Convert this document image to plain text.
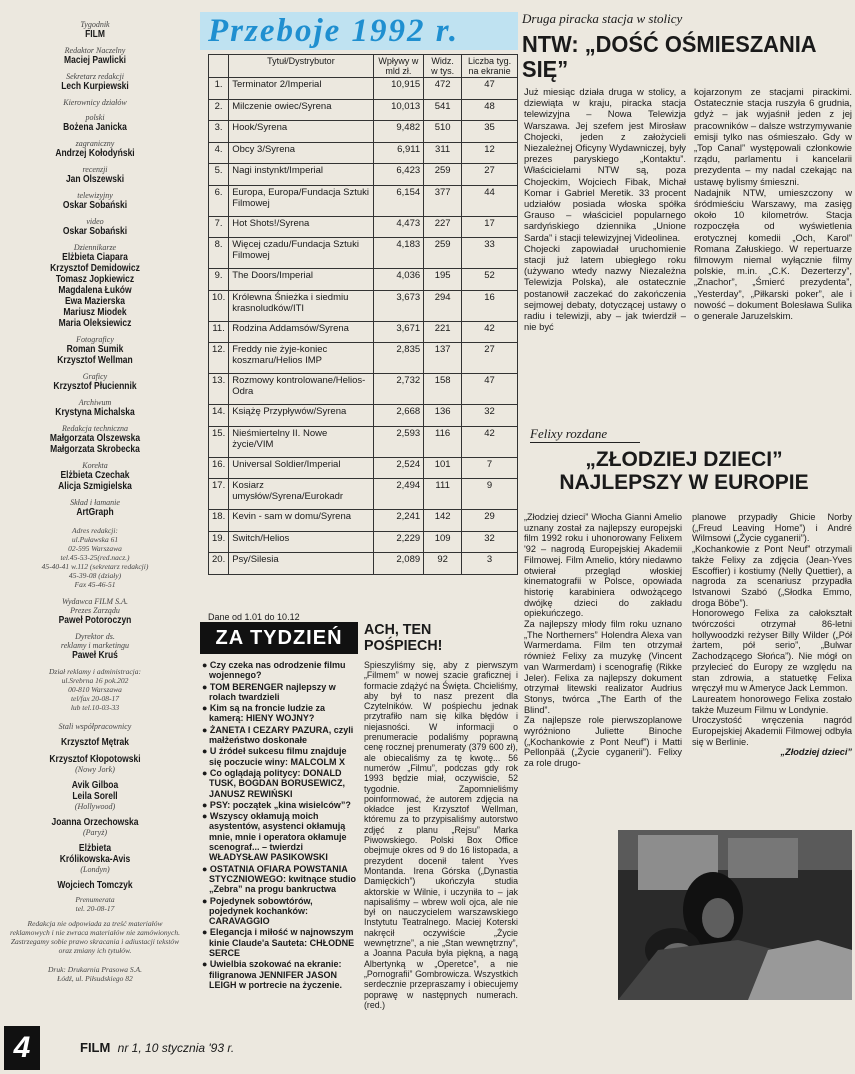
Tygodnik
FILM
Redaktor Naczelny
Maciej Pawlicki
Sekretarz redakcji
Lech Kurpiewski
Kierownicy działów
polski
Bożena Janicka
zagraniczny
Andrzej Kołodyński
recenzji
Jan Olszewski
telewizyjny
Oskar Sobański
video
Oskar Sobański
Dziennikarze
Elżbieta Ciapara
Krzysztof Demidowicz
Tomasz Jopkiewicz
Magdalena Łuków
Ewa Mazierska
Mariusz Miodek
Maria Oleksiewicz
Fotograficy
Roman Sumik
Krzysztof Wellman
Graficy
Krzysztof Płuciennik
Archiwum
Krystyna Michalska
Redakcja techniczna
Małgorzata Olszewska
Małgorzata Skrobecka
Korekta
Elżbieta Czechak
Alicja Szmigielska
Skład i łamanie
ArtGraph
Adres redakcji:
ul.Puławska 61
02-595 Warszawa
tel.45-53-25(red.nacz.)
45-40-41 w.112 (sekretarz redakcji)
45-39-08 (działy)
Fax 45-46-51
Wydawca FILM S.A.
Prezes Zarządu
Paweł Potoroczyn
Dyrektor ds.
reklamy i marketingu
Paweł Kruś
Dział reklamy i administracja:
ul.Srebrna 16 pok.202
00-810 Warszawa
tel/fax 20-08-17
lub tel.10-03-33
Stali współpracownicy
Krzysztof Mętrak
Krzysztof Kłopotowski
(Nowy Jork)
Avik Gilboa
Leila Sorell
(Hollywood)
Joanna Orzechowska
(Paryż)
Elżbieta
Królikowska-Avis
(Londyn)
Wojciech Tomczyk
Prenumerata
tel. 20-08-17
Redakcja nie odpowiada za treść materiałów reklamowych i nie zwraca materiałów nie zamówionych. Zastrzegamy sobie prawo skracania i adiustacji tekstów oraz zmiany ich tytułów.
Druk: Drukarnia Prasowa S.A.
Łódź, ul. Piłsudskiego 82
Przeboje 1992 r.
	Tytuł/Dystrybutor	Wpływy w mld zł.	Widz. w tys.	Liczba tyg. na ekranie
1.	Terminator 2/Imperial	10,915	472	47
2.	Milczenie owiec/Syrena	10,013	541	48
3.	Hook/Syrena	9,482	510	35
4.	Obcy 3/Syrena	6,911	311	12
5.	Nagi instynkt/Imperial	6,423	259	27
6.	Europa, Europa/Fundacja Sztuki Filmowej	6,154	377	44
7.	Hot Shots!/Syrena	4,473	227	17
8.	Więcej czadu/Fundacja Sztuki Filmowej	4,183	259	33
9.	The Doors/Imperial	4,036	195	52
10.	Królewna Śnieżka i siedmiu krasnoludków/ITI	3,673	294	16
11.	Rodzina Addamsów/Syrena	3,671	221	42
12.	Freddy nie żyje-koniec koszmaru/Helios IMP	2,835	137	27
13.	Rozmowy kontrolowane/Helios-Odra	2,732	158	47
14.	Książę Przypływów/Syrena	2,668	136	32
15.	Nieśmiertelny II. Nowe życie/VIM	2,593	116	42
16.	Universal Soldier/Imperial	2,524	101	7
17.	Kosiarz umysłów/Syrena/Eurokadr	2,494	111	9
18.	Kevin - sam w domu/Syrena	2,241	142	29
19.	Switch/Helios	2,229	109	32
20.	Psy/Silesia	2,089	92	3
Dane od 1.01 do 10.12
ZA TYDZIEŃ

● Czy czeka nas odrodzenie filmu wojennego?

● TOM BERENGER najlepszy w rolach twardzieli

● Kim są na froncie ludzie za kamerą: HIENY WOJNY?

● ŻANETA I CEZARY PAZURA, czyli małżeństwo doskonałe

● U źródeł sukcesu filmu znajduje się poczucie winy: MALCOLM X

● Co oglądają politycy: DONALD TUSK, BOGDAN BORUSEWICZ, JANUSZ REWIŃSKI

● PSY: początek „kina wisielców”?

● Wszyscy okłamują moich asystentów, asystenci okłamują mnie, mnie i operatora okłamuje scenograf... – twierdzi WŁADYSŁAW PASIKOWSKI

● OSTATNIA OFIARA POWSTANIA STYCZNIOWEGO: kwitnące studio „Zebra” na progu bankructwa

● Pojedynek sobowtórów, pojedynek kochanków: CARAVAGGIO

● Elegancja i miłość w najnowszym kinie Claude'a Sauteta: CHŁODNE SERCE

● Uwielbia szokować na ekranie: filigranowa JENNIFER JASON LEIGH w portrecie na życzenie.

ACH, TEN POŚPIECH!
Spieszyliśmy się, aby z pierwszym „Filmem” w nowej szacie graficznej i formacie zdążyć na Święta. Chcieliśmy, aby był to nasz prezent dla Czytelników. W pośpiechu jednak przytrafiło nam się kilka błędów i niejasności. W informacji o prenumeracie podaliśmy poprawną cenę rocznej prenumeraty (379 600 zł), ale obiecaliśmy za tę kwotę... 56 numerów „Filmu”, podczas gdy rok 1993 będzie miał, oczywiście, 52 tygodnie. Zapomnieliśmy poinformować, że autorem zdjęcia na okładce jest Krzysztof Wellman, któremu za to przypisaliśmy autorstwo zdjęć z planu „Rejsu” Marka Piwowskiego. Polski Box Office obejmuje okres od 9 do 16 listopada, a prezydent docenił talent Yves Montanda. Irena Górska („Dynastia Damięckich”) ukończyła studia aktorskie w Wilnie, i uczyniła to – jak napisaliśmy – wbrew woli ojca, ale nie był on nauczycielem warszawskiego Instytutu Teatralnego. Maciej Koterski nakręcił oczywiście „Życie wewnętrzne”, a nie „Stan wewnętrzny”, a Joanna Pacuła była piękną, a nagą Albertynką w „Operetce”, a nie „Pornografii” Gombrowicza. Wszystkich serdecznie przepraszamy i obiecujemy poprawę w następnych numerach. (red.)
Druga piracka stacja w stolicy
NTW: „DOŚĆ OŚMIESZANIA SIĘ”
Już miesiąc działa druga w stolicy, a dziewiąta w kraju, piracka stacja telewizyjna – Nowa Telewizja Warszawa. Jej szefem jest Mirosław Chojecki, jeden z założycieli Niezależnej Oficyny Wydawniczej, były prezes paryskiego „Kontaktu”. Właścicielami NTW są, poza Chojeckim, Wojciech Fibak, Michał Komar i Gabriel Meretik. 33 procent udziałów posiada włoska spółka Grauso – właściciel popularnego sardyńskiego dziennika „Unione Sarda” i stacji telewizyjnej Videolinea.
Chojecki zapowiadał uruchomienie stacji już latem ubiegłego roku (używano wtedy nazwy Niezależna Telewizja Polska), ale ostatecznie postanowił zaczekać do zakończenia sejmowej debaty, dotyczącej ustawy o radiu i telewizji, aby – jak twierdził – nie być
kojarzonym ze stacjami pirackimi. Ostatecznie stacja ruszyła 6 grudnia, gdyż – jak wyjaśnił jeden z jej pracowników – dalsze wstrzymywanie emisji tylko nas ośmieszało. Gdy w „Top Canal” występowali członkowie rządu, parlamentu i kancelarii prezydenta – my nadal czekając na ustawę bylismy śmieszni.
Nadajnik NTW, umieszczony w śródmieściu Warszawy, ma zasięg około 10 kilometrów. Stacja rozpoczęła od wyświetlenia erotycznej komedii „Och, Karol” Romana Załuskiego. W repertuarze filmowym niemal wyłącznie filmy polskie, m.in. „C.K. Dezerterzy”, „Znachor”, „Śmierć prezydenta”, „Yesterday”, „Piłkarski poker”, ale i nowość – dokument Bolesława Sulika o generale Jaruzelskim.
Felixy rozdane
„ZŁODZIEJ DZIECI” NAJLEPSZY W EUROPIE
„Złodziej dzieci” Włocha Gianni Amelio uznany został za najlepszy europejski film 1992 roku i uhonorowany Felixem '92 – nagrodą Europejskiej Akademii Filmowej. Film Amelio, który niedawno otwierał przegląd włoskiej kinematografii w Polsce, opowiada historię karabiniera odwożącego dwójkę dzieci do zakładu opiekuńczego.
Za najlepszy młody film roku uznano „The Northerners” Holendra Alexa van Warmerdama. Film ten otrzymał również Felixy za muzykę (Vincent van Warmerdam) i scenografię (Rikke Jeler). Felixa za najlepszy dokument otrzymał litewski realizator Audrius Stonys, twórca „The Earth of the Blind”.
Za najlepsze role pierwszoplanowe wyróżniono Juliette Binoche („Kochankowie z Pont Neuf”) i Matti Pellonpää („Życie cyganerii”). Felixy za role drugo-
planowe przypadły Ghicie Norby („Freud Leaving Home”) i André Wilmsowi („Życie cyganerii”).
„Kochankowie z Pont Neuf” otrzymali także Felixy za zdjęcia (Jean-Yves Escoffier) i kostiumy (Nelly Quettier), a nagroda za scenariusz przypadła Istvanowi Szabó („Słodka Emmo, droga Böbe”).
Honorowego Felixa za całokształt twórczości otrzymał 86-letni hollywoodzki reżyser Billy Wilder („Pół żartem, pół serio”, „Bulwar Zachodzącego Słońca”). Nie mógł on przylecieć do Europy ze względu na stan zdrowia, a statuetkę Felixa wręczył mu w Ameryce Jack Lemmon.
Laureatem honorowego Felixa zostało także Muzeum Filmu w Londynie.
Uroczystość wręczenia nagród Europejskiej Akademii Filmowej odbyła się w Berlinie.
„Złodziej dzieci”
4	FILM nr 1, 10 stycznia '93 r.
